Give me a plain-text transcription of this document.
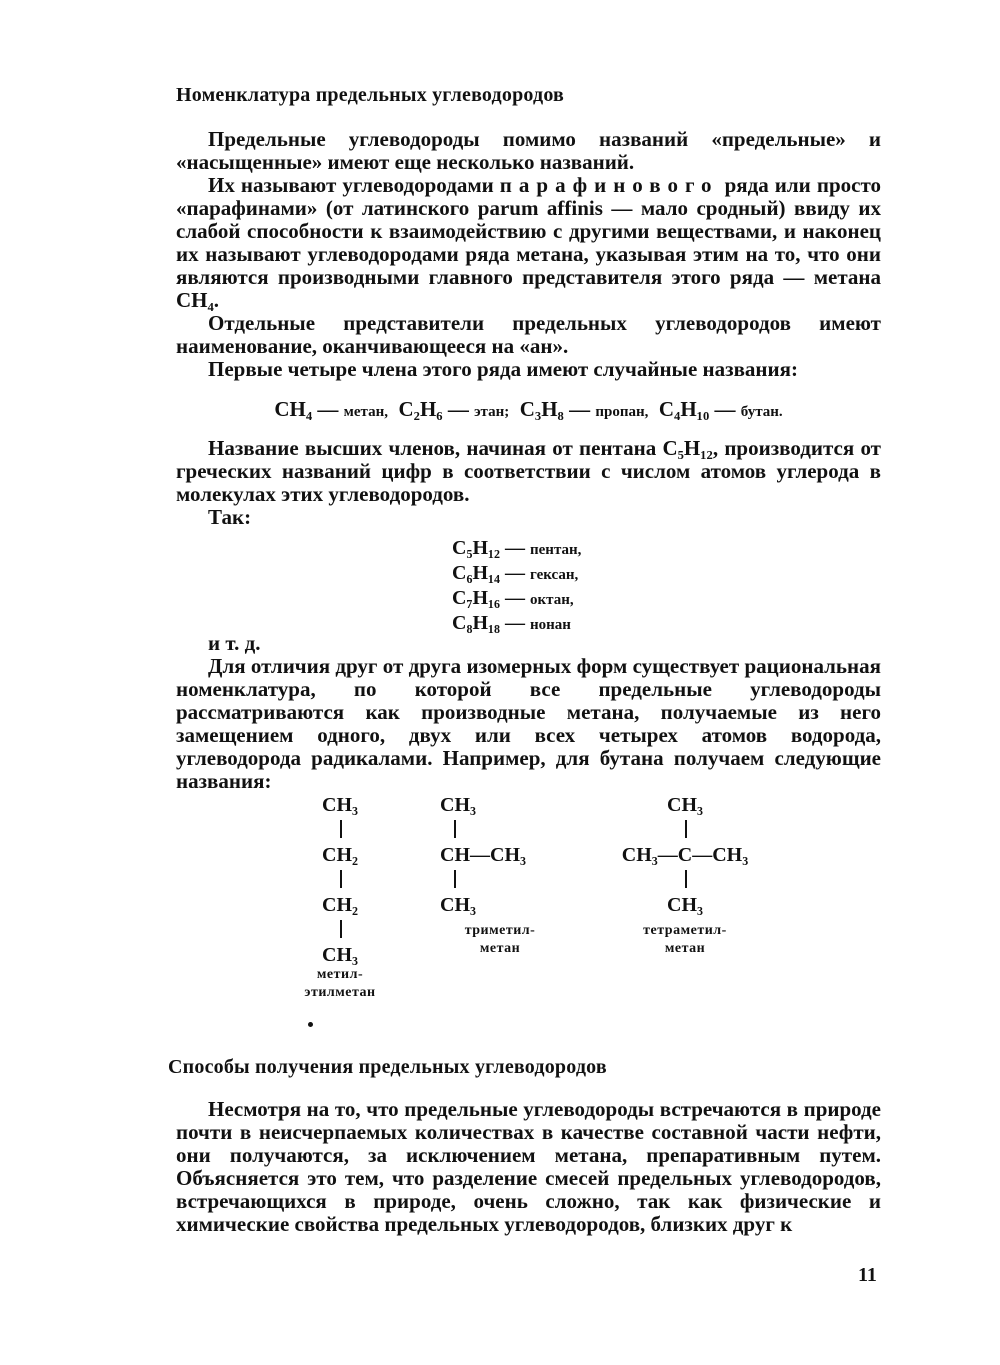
Номенклатура предельных углеводородов

Предельные углеводороды помимо названий «предельные» и «насыщенные» имеют еще несколько названий.

Их называют углеводородами парафинового ряда или просто «парафинами» (от латинского parum affinis — мало сродный) ввиду их слабой способности к взаимодействию с другими веществами, и наконец их называют углеводородами ряда метана, указывая этим на то, что они являются производными главного представителя этого ряда — метана CH₄.

Отдельные представители предельных углеводородов имеют наименование, оканчивающееся на «ан».

Первые четыре члена этого ряда имеют случайные названия:

CH₄ — метан, C₂H₆ — этан; C₃H₈ — пропан, C₄H₁₀ — бутан.

Название высших членов, начиная от пентана C₅H₁₂, производится от греческих названий цифр в соответствии с числом атомов углерода в молекулах этих углеводородов.

Так:

C₅H₁₂ — пентан,
C₆H₁₄ — гексан,
C₇H₁₆ — октан,
C₈H₁₈ — нонан

и т. д.

Для отличия друг от друга изомерных форм существует рациональная номенклатура, по которой все предельные углеводороды рассматриваются как производные метана, получаемые из него замещением одного, двух или всех четырех атомов водорода, углеводорода радикалами. Например, для бутана получаем следующие названия:

CH₃
CH₂
CH₂
CH₃
метил-
этилметан
CH₃
CH—CH₃
CH₃
триметил-
метан
CH₃
CH₃—C—CH₃
CH₃
тетраметил-
метан
Способы получения предельных углеводородов

Несмотря на то, что предельные углеводороды встречаются в природе почти в неисчерпаемых количествах в качестве составной части нефти, они получаются, за исключением метана, препаративным путем. Объясняется это тем, что разделение смесей предельных углеводородов, встречающихся в природе, очень сложно, так как физические и химические свойства предельных углеводородов, близких друг к

11
